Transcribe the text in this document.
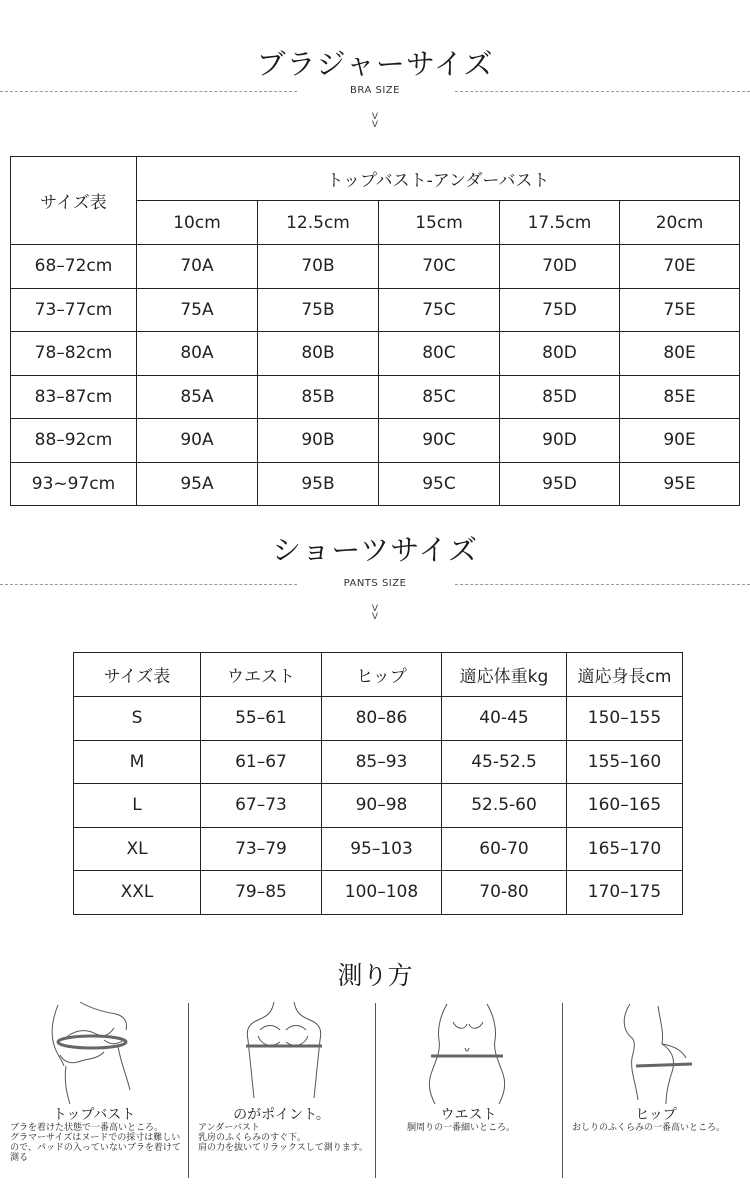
ブラジャーサイズ
BRA SIZE
V
V
サイズ表	トップバスト-アンダーバスト				
	10cm	12.5cm	15cm	17.5cm	20cm
68–72cm	70A	70B	70C	70D	70E
73–77cm	75A	75B	75C	75D	75E
78–82cm	80A	80B	80C	80D	80E
83–87cm	85A	85B	85C	85D	85E
88–92cm	90A	90B	90C	90D	90E
93~97cm	95A	95B	95C	95D	95E
ショーツサイズ
PANTS SIZE
V
V
サイズ表	ウエスト	ヒップ	適応体重kg	適応身長cm
S	55–61	80–86	40-45	150–155
M	61–67	85–93	45-52.5	155–160
L	67–73	90–98	52.5-60	160–165
XL	73–79	95–103	60-70	165–170
XXL	79–85	100–108	70-80	170–175
測り方
トップバスト
ブラを着けた状態で一番高いところ。
グラマーサイズはヌードでの採寸は難しいので、パッドの入っていないブラを着けて測る
のがポイント。
アンダーバスト
乳房のふくらみのすぐ下。
肩の力を抜いてリラックスして測ります。
ウエスト
胴周りの一番細いところ。
ヒップ
おしりのふくらみの一番高いところ。
